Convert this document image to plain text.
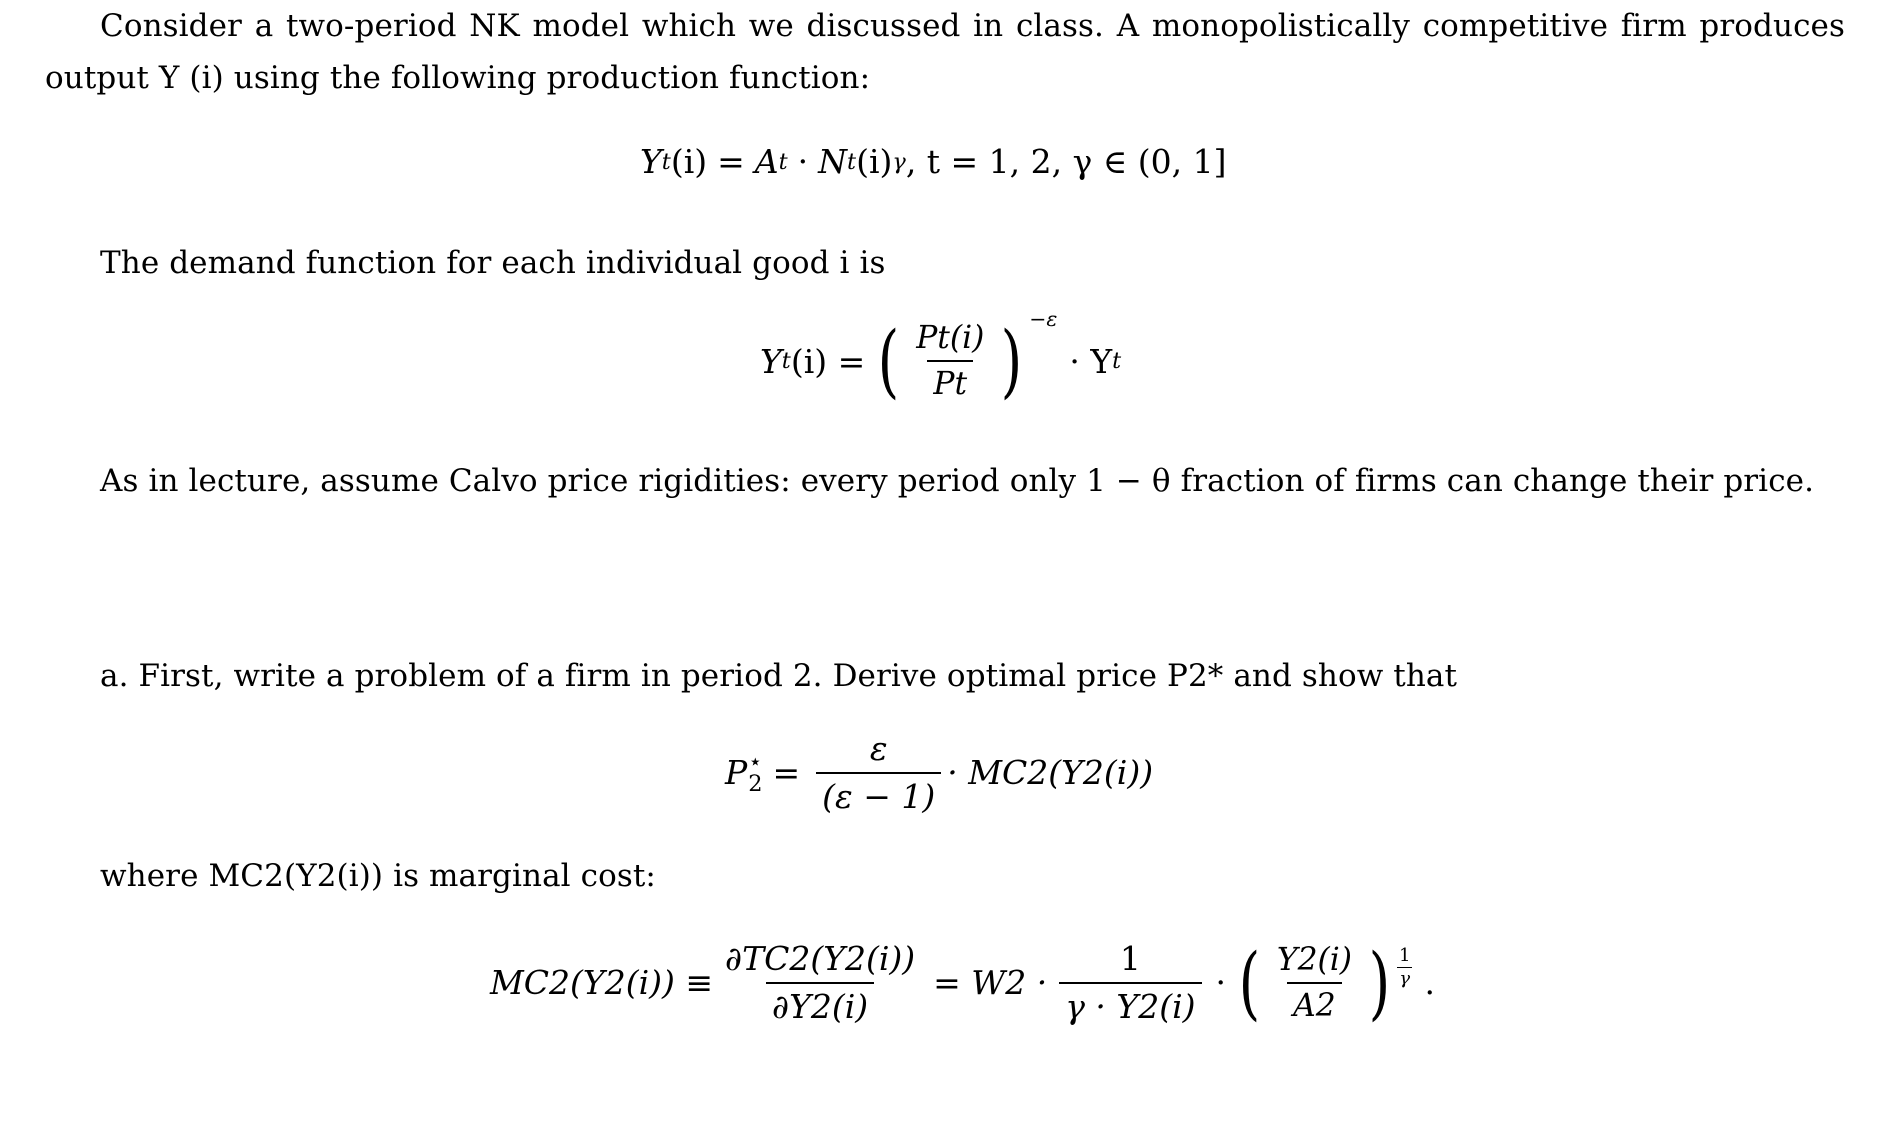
Consider a two-period NK model which we discussed in class. A monopolistically competitive firm produces output Y (i) using the following production function:
Y t (i) = A t · N t (i) γ , t = 1, 2, γ ∈ (0, 1]
The demand function for each individual good i is
Y t (i) = ( $\frac{Pt(i)}{Pt}$ ) −ε
· Y t
As in lecture, assume Calvo price rigidities: every period only 1 − θ fraction of firms can change their price.
a. First, write a problem of a firm in period 2. Derive optimal price P2* and show that
P ⋆
$2 = \frac{\varepsilon}{(\varepsilon - 1)} \cdot MC2(Y2(i))$
where MC2(Y2(i)) is marginal cost:
$MC2(Y2(i)) \equiv \frac{\partial TC2(Y2(i))}{\partial Y2(i)} = W2 \cdot \frac{1}{\gamma \cdot Y2(i)}$ · ( $\frac{Y2(i)}{A2}$ ) 1
γ .
